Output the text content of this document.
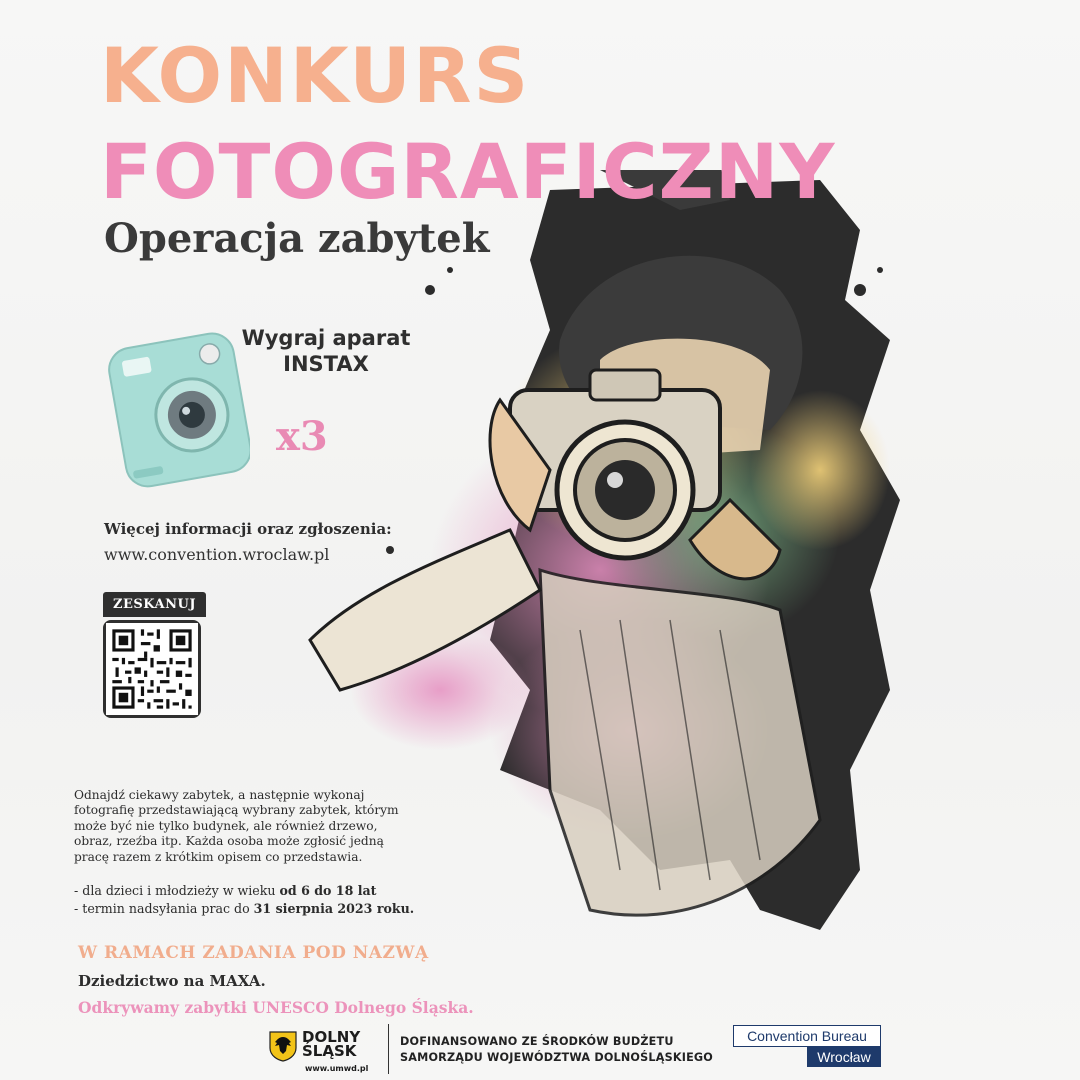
KONKURS
FOTOGRAFICZNY
Operacja zabytek
Wygraj aparat
INSTAX
x3
Więcej informacji oraz zgłoszenia:
www.convention.wroclaw.pl
ZESKANUJ
Odnajdź ciekawy zabytek, a następnie wykonaj fotografię przedstawiającą wybrany zabytek, którym może być nie tylko budynek, ale również drzewo, obraz, rzeźba itp. Każda osoba może zgłosić jedną pracę razem z krótkim opisem co przedstawia.
- dla dzieci i młodzieży w wieku od 6 do 18 lat
- termin nadsyłania prac do 31 sierpnia 2023 roku.
W RAMACH ZADANIA POD NAZWĄ
Dziedzictwo na MAXA.
Odkrywamy zabytki UNESCO Dolnego Śląska.
DOLNY
ŚLĄSK
www.umwd.pl
DOFINANSOWANO ZE ŚRODKÓW BUDŻETU
SAMORZĄDU WOJEWÓDZTWA DOLNOŚLĄSKIEGO
Convention Bureau
Wrocław
